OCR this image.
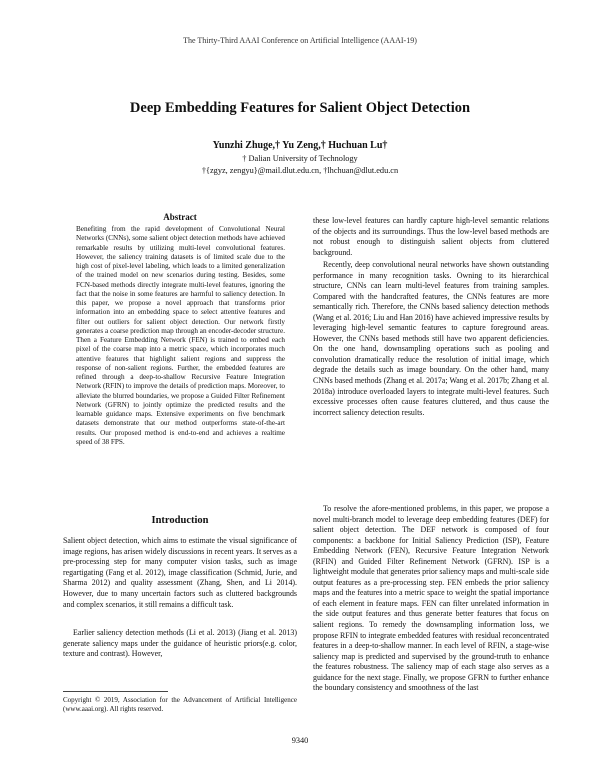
The Thirty-Third AAAI Conference on Artificial Intelligence (AAAI-19)
Deep Embedding Features for Salient Object Detection
Yunzhi Zhuge,† Yu Zeng,† Huchuan Lu†
† Dalian University of Technology
†{zgyz, zengyu}@mail.dlut.edu.cn, †lhchuan@dlut.edu.cn
Abstract

Benefiting from the rapid development of Convolutional Neural Networks (CNNs), some salient object detection methods have achieved remarkable results by utilizing multi-level convolutional features. However, the saliency training datasets is of limited scale due to the high cost of pixel-level labeling, which leads to a limited generalization of the trained model on new scenarios during testing. Besides, some FCN-based methods directly integrate multi-level features, ignoring the fact that the noise in some features are harmful to saliency detection. In this paper, we propose a novel approach that transforms prior information into an embedding space to select attentive features and filter out outliers for salient object detection. Our network firstly generates a coarse prediction map through an encoder-decoder structure. Then a Feature Embedding Network (FEN) is trained to embed each pixel of the coarse map into a metric space, which incorporates much attentive features that highlight salient regions and suppress the response of non-salient regions. Further, the embedded features are refined through a deep-to-shallow Recursive Feature Integration Network (RFIN) to improve the details of prediction maps. Moreover, to alleviate the blurred boundaries, we propose a Guided Filter Refinement Network (GFRN) to jointly optimize the predicted results and the learnable guidance maps. Extensive experiments on five benchmark datasets demonstrate that our method outperforms state-of-the-art results. Our proposed method is end-to-end and achieves a realtime speed of 38 FPS.

Introduction

Salient object detection, which aims to estimate the visual significance of image regions, has arisen widely discussions in recent years. It serves as a pre-processing step for many computer vision tasks, such as image regartigating (Fang et al. 2012), image classification (Schmid, Jurie, and Sharma 2012) and quality assessment (Zhang, Shen, and Li 2014). However, due to many uncertain factors such as cluttered backgrounds and complex scenarios, it still remains a difficult task.

Earlier saliency detection methods (Li et al. 2013) (Jiang et al. 2013) generate saliency maps under the guidance of heuristic priors(e.g. color, texture and contrast). However,

Copyright © 2019, Association for the Advancement of Artificial Intelligence (www.aaai.org). All rights reserved.

these low-level features can hardly capture high-level semantic relations of the objects and its surroundings. Thus the low-level based methods are not robust enough to distinguish salient objects from cluttered background.

Recently, deep convolutional neural networks have shown outstanding performance in many recognition tasks. Owning to its hierarchical structure, CNNs can learn multi-level features from training samples. Compared with the handcrafted features, the CNNs features are more semantically rich. Therefore, the CNNs based saliency detection methods (Wang et al. 2016; Liu and Han 2016) have achieved impressive results by leveraging high-level semantic features to capture foreground areas. However, the CNNs based methods still have two apparent deficiencies. On the one hand, downsampling operations such as pooling and convolution dramatically reduce the resolution of initial image, which degrade the details such as image boundary. On the other hand, many CNNs based methods (Zhang et al. 2017a; Wang et al. 2017b; Zhang et al. 2018a) introduce overloaded layers to integrate multi-level features. Such excessive processes often cause features cluttered, and thus cause the incorrect saliency detection results.

To resolve the afore-mentioned problems, in this paper, we propose a novel multi-branch model to leverage deep embedding features (DEF) for salient object detection. The DEF network is composed of four components: a backbone for Initial Saliency Prediction (ISP), Feature Embedding Network (FEN), Recursive Feature Integration Network (RFIN) and Guided Filter Refinement Network (GFRN). ISP is a lightweight module that generates prior saliency maps and multi-scale side output features as a pre-processing step. FEN embeds the prior saliency maps and the features into a metric space to weight the spatial importance of each element in feature maps. FEN can filter unrelated information in the side output features and thus generate better features that focus on salient regions. To remedy the downsampling information loss, we propose RFIN to integrate embedded features with residual reconcentrated features in a deep-to-shallow manner. In each level of RFIN, a stage-wise saliency map is predicted and supervised by the ground-truth to enhance the features robustness. The saliency map of each stage also serves as a guidance for the next stage. Finally, we propose GFRN to further enhance the boundary consistency and smoothness of the last

9340
